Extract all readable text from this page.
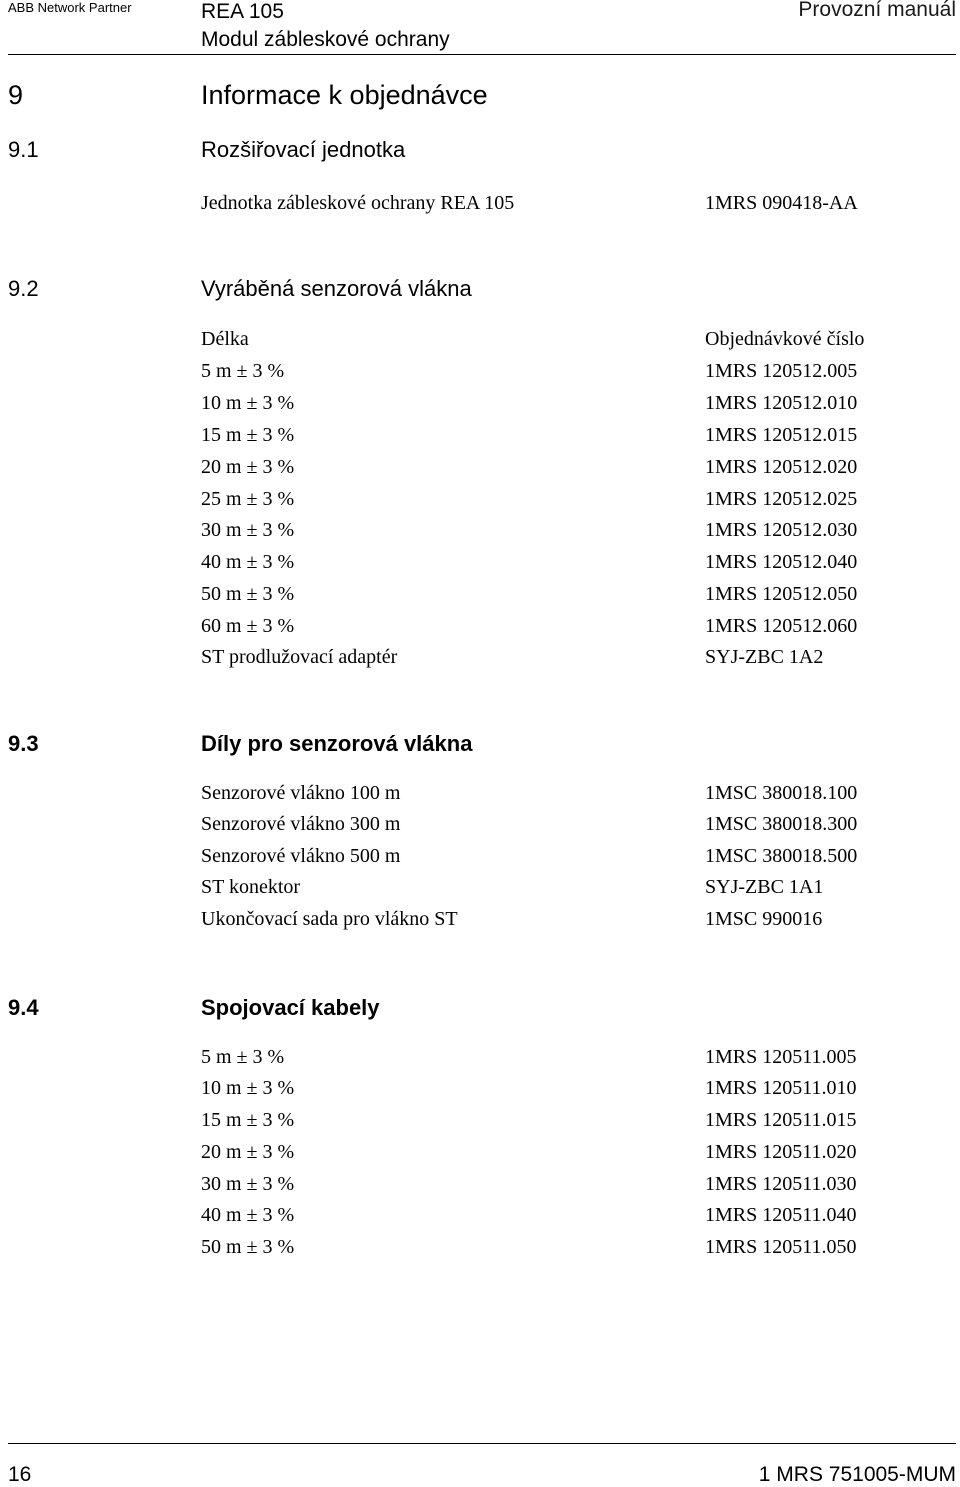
ABB Network Partner	REA 105
Modul zábleskové ochrany
Provozní manuál
9	Informace k objednávce
9.1	Rozšiřovací jednotka
Jednotka zábleskové ochrany REA 105	1MRS 090418-AA
9.2	Vyráběná senzorová vlákna
Délka	Objednávkové číslo
5 m ± 3 %	1MRS 120512.005
10 m ± 3 %	1MRS 120512.010
15 m ± 3 %	1MRS 120512.015
20 m ± 3 %	1MRS 120512.020
25 m ± 3 %	1MRS 120512.025
30 m ± 3 %	1MRS 120512.030
40 m ± 3 %	1MRS 120512.040
50 m ± 3 %	1MRS 120512.050
60 m ± 3 %	1MRS 120512.060
ST prodlužovací adaptér	SYJ-ZBC 1A2
9.3	Díly pro senzorová vlákna
Senzorové vlákno 100 m	1MSC 380018.100
Senzorové vlákno 300 m	1MSC 380018.300
Senzorové vlákno 500 m	1MSC 380018.500
ST konektor	SYJ-ZBC 1A1
Ukončovací sada pro vlákno ST	1MSC 990016
9.4	Spojovací kabely
5 m ± 3 %	1MRS 120511.005
10 m ± 3 %	1MRS 120511.010
15 m ± 3 %	1MRS 120511.015
20 m ± 3 %	1MRS 120511.020
30 m ± 3 %	1MRS 120511.030
40 m ± 3 %	1MRS 120511.040
50 m ± 3 %	1MRS 120511.050
16	1 MRS 751005-MUM
